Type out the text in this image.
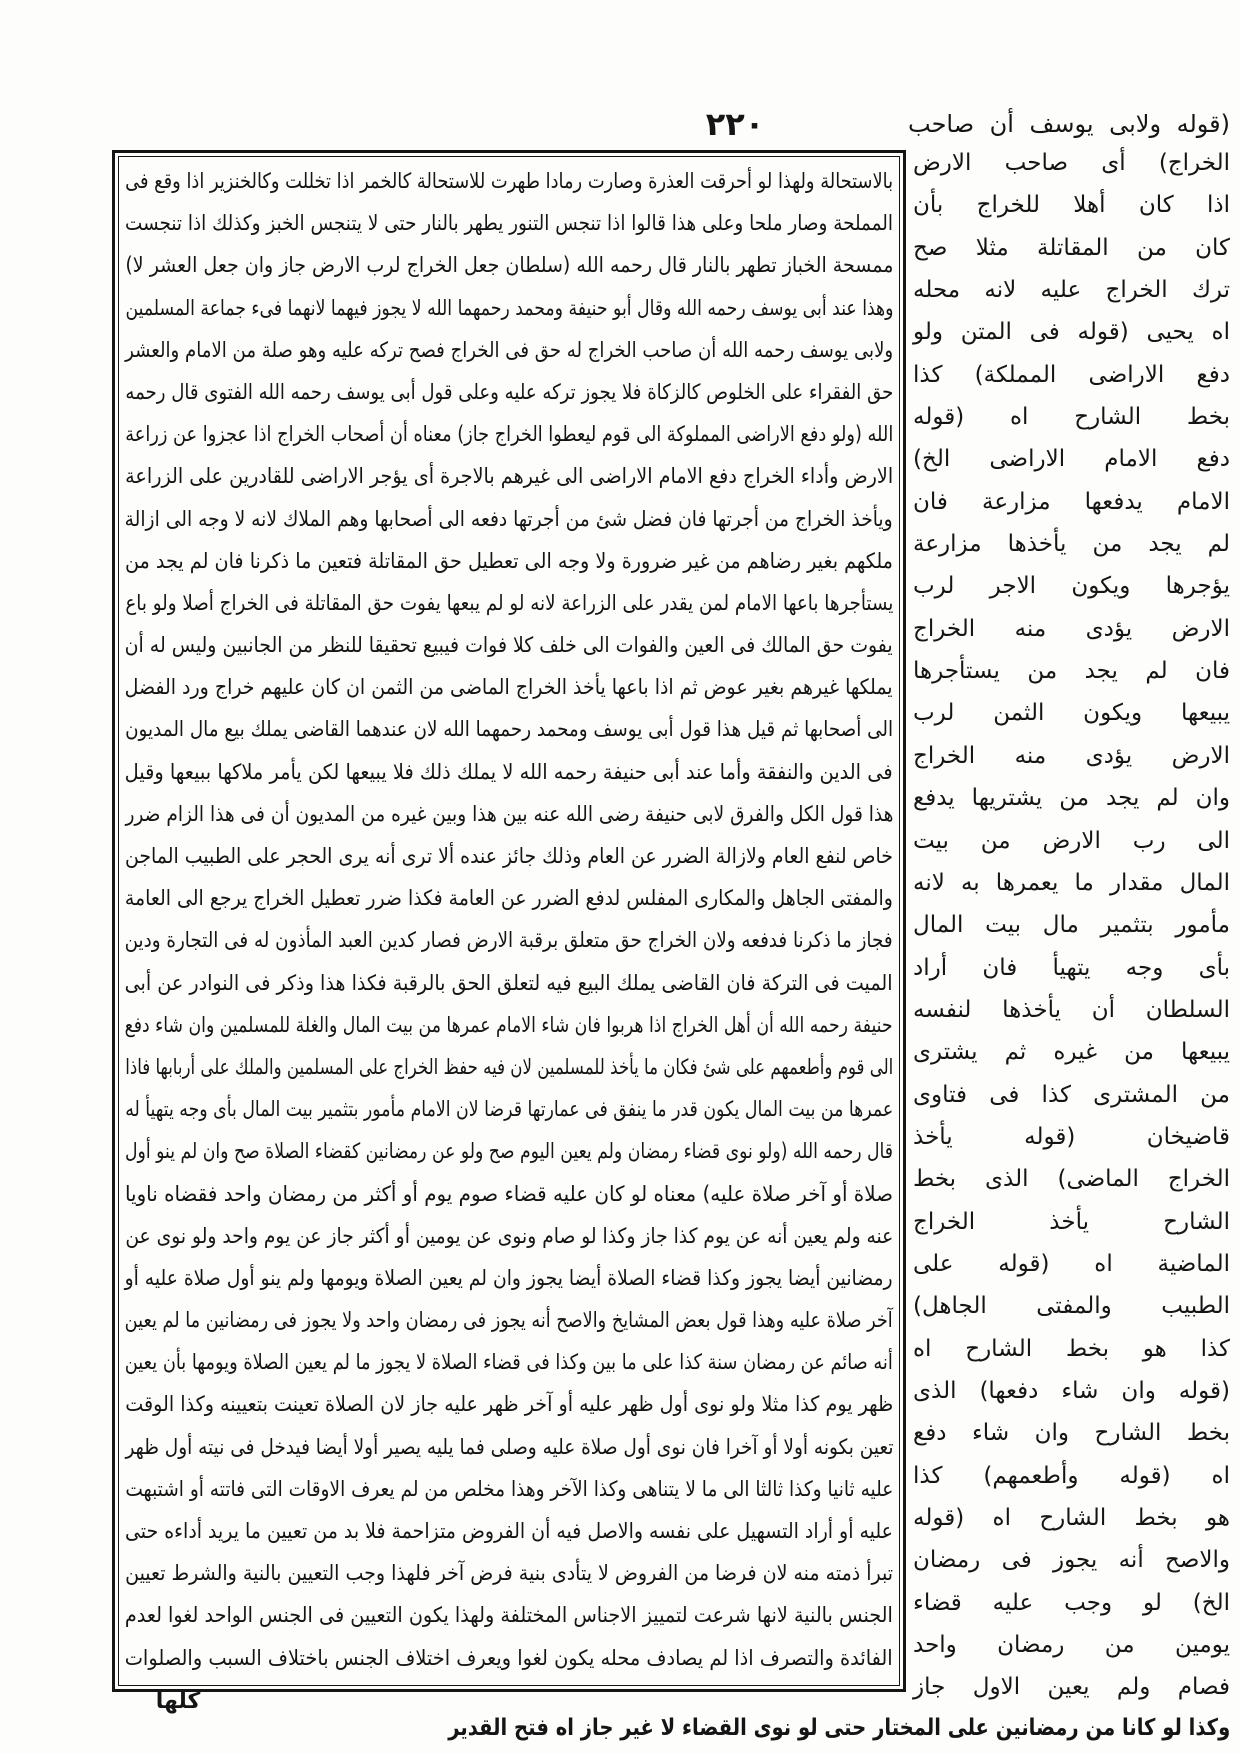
٢٢٠	(قوله ولابى يوسف أن صاحب
بالاستحالة ولهذا لو أحرقت العذرة وصارت رمادا طهرت للاستحالة كالخمر اذا تخللت وكالخنزير اذا وقع فى
المملحة وصار ملحا وعلى هذا قالوا اذا تنجس التنور يطهر بالنار حتى لا يتنجس الخبز وكذلك اذا تنجست
ممسحة الخباز تطهر بالنار قال رحمه الله (سلطان جعل الخراج لرب الارض جاز وان جعل العشر لا)
وهذا عند أبى يوسف رحمه الله وقال أبو حنيفة ومحمد رحمهما الله لا يجوز فيهما لانهما فىء جماعة المسلمين
ولابى يوسف رحمه الله أن صاحب الخراج له حق فى الخراج فصح تركه عليه وهو صلة من الامام والعشر
حق الفقراء على الخلوص كالزكاة فلا يجوز تركه عليه وعلى قول أبى يوسف رحمه الله الفتوى قال رحمه
الله (ولو دفع الاراضى المملوكة الى قوم ليعطوا الخراج جاز) معناه أن أصحاب الخراج اذا عجزوا عن زراعة
الارض وأداء الخراج دفع الامام الاراضى الى غيرهم بالاجرة أى يؤجر الاراضى للقادرين على الزراعة
ويأخذ الخراج من أجرتها فان فضل شئ من أجرتها دفعه الى أصحابها وهم الملاك لانه لا وجه الى ازالة
ملكهم بغير رضاهم من غير ضرورة ولا وجه الى تعطيل حق المقاتلة فتعين ما ذكرنا فان لم يجد من
يستأجرها باعها الامام لمن يقدر على الزراعة لانه لو لم يبعها يفوت حق المقاتلة فى الخراج أصلا ولو باع
يفوت حق المالك فى العين والفوات الى خلف كلا فوات فيبيع تحقيقا للنظر من الجانبين وليس له أن
يملكها غيرهم بغير عوض ثم اذا باعها يأخذ الخراج الماضى من الثمن ان كان عليهم خراج ورد الفضل
الى أصحابها ثم قيل هذا قول أبى يوسف ومحمد رحمهما الله لان عندهما القاضى يملك بيع مال المديون
فى الدين والنفقة وأما عند أبى حنيفة رحمه الله لا يملك ذلك فلا يبيعها لكن يأمر ملاكها ببيعها وقيل
هذا قول الكل والفرق لابى حنيفة رضى الله عنه بين هذا وبين غيره من المديون أن فى هذا الزام ضرر
خاص لنفع العام ولازالة الضرر عن العام وذلك جائز عنده ألا ترى أنه يرى الحجر على الطبيب الماجن
والمفتى الجاهل والمكارى المفلس لدفع الضرر عن العامة فكذا ضرر تعطيل الخراج يرجع الى العامة
فجاز ما ذكرنا فدفعه ولان الخراج حق متعلق برقبة الارض فصار كدين العبد المأذون له فى التجارة ودين
الميت فى التركة فان القاضى يملك البيع فيه لتعلق الحق بالرقبة فكذا هذا وذكر فى النوادر عن أبى
حنيفة رحمه الله أن أهل الخراج اذا هربوا فان شاء الامام عمرها من بيت المال والغلة للمسلمين وان شاء دفع
الى قوم وأطعمهم على شئ فكان ما يأخذ للمسلمين لان فيه حفظ الخراج على المسلمين والملك على أربابها فاذا
عمرها من بيت المال يكون قدر ما ينفق فى عمارتها قرضا لان الامام مأمور بتثمير بيت المال بأى وجه يتهيأ له
قال رحمه الله (ولو نوى قضاء رمضان ولم يعين اليوم صح ولو عن رمضانين كقضاء الصلاة صح وان لم ينو أول
صلاة أو آخر صلاة عليه) معناه لو كان عليه قضاء صوم يوم أو أكثر من رمضان واحد فقضاه ناويا
عنه ولم يعين أنه عن يوم كذا جاز وكذا لو صام ونوى عن يومين أو أكثر جاز عن يوم واحد ولو نوى عن
رمضانين أيضا يجوز وكذا قضاء الصلاة أيضا يجوز وان لم يعين الصلاة ويومها ولم ينو أول صلاة عليه أو
آخر صلاة عليه وهذا قول بعض المشايخ والاصح أنه يجوز فى رمضان واحد ولا يجوز فى رمضانين ما لم يعين
أنه صائم عن رمضان سنة كذا على ما بين وكذا فى قضاء الصلاة لا يجوز ما لم يعين الصلاة ويومها بأن يعين
ظهر يوم كذا مثلا ولو نوى أول ظهر عليه أو آخر ظهر عليه جاز لان الصلاة تعينت بتعيينه وكذا الوقت
تعين بكونه أولا أو آخرا فان نوى أول صلاة عليه وصلى فما يليه يصير أولا أيضا فيدخل فى نيته أول ظهر
عليه ثانيا وكذا ثالثا الى ما لا يتناهى وكذا الآخر وهذا مخلص من لم يعرف الاوقات التى فاتته أو اشتبهت
عليه أو أراد التسهيل على نفسه والاصل فيه أن الفروض متزاحمة فلا بد من تعيين ما يريد أداءه حتى
تبرأ ذمته منه لان فرضا من الفروض لا يتأدى بنية فرض آخر فلهذا وجب التعيين بالنية والشرط تعيين
الجنس بالنية لانها شرعت لتمييز الاجناس المختلفة ولهذا يكون التعيين فى الجنس الواحد لغوا لعدم
الفائدة والتصرف اذا لم يصادف محله يكون لغوا ويعرف اختلاف الجنس باختلاف السبب والصلوات
الخراج) أى صاحب الارض
اذا كان أهلا للخراج بأن
كان من المقاتلة مثلا صح
ترك الخراج عليه لانه محله
اه يحيى (قوله فى المتن ولو
دفع الاراضى المملكة) كذا
بخط الشارح اه (قوله
دفع الامام الاراضى الخ)
الامام يدفعها مزارعة فان
لم يجد من يأخذها مزارعة
يؤجرها ويكون الاجر لرب
الارض يؤدى منه الخراج
فان لم يجد من يستأجرها
يبيعها ويكون الثمن لرب
الارض يؤدى منه الخراج
وان لم يجد من يشتريها يدفع
الى رب الارض من بيت
المال مقدار ما يعمرها به لانه
مأمور بتثمير مال بيت المال
بأى وجه يتهيأ فان أراد
السلطان أن يأخذها لنفسه
يبيعها من غيره ثم يشترى
من المشترى كذا فى فتاوى
قاضيخان (قوله يأخذ
الخراج الماضى) الذى بخط
الشارح يأخذ الخراج
الماضية اه (قوله على
الطبيب والمفتى الجاهل)
كذا هو بخط الشارح اه
(قوله وان شاء دفعها) الذى
بخط الشارح وان شاء دفع
اه (قوله وأطعمهم) كذا
هو بخط الشارح اه (قوله
والاصح أنه يجوز فى رمضان
الخ) لو وجب عليه قضاء
يومين من رمضان واحد
فصام ولم يعين الاول جاز
كلها
وكذا لو كانا من رمضانين على المختار حتى لو نوى القضاء لا غير جاز اه فتح القدير
